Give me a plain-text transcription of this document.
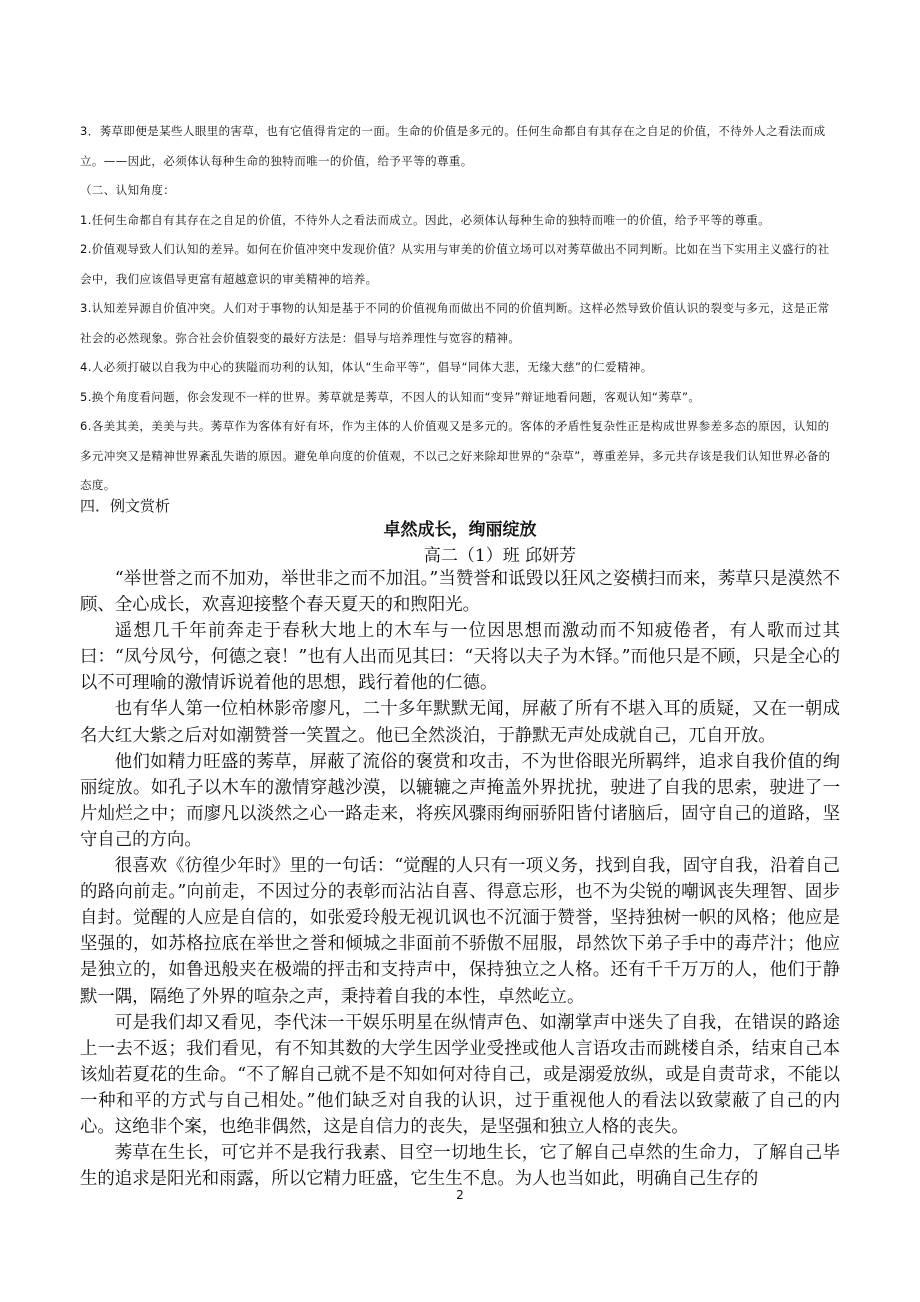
3．莠草即便是某些人眼里的害草，也有它值得肯定的一面。生命的价值是多元的。任何生命都自有其存在之自足的价值，不待外人之看法而成立。——因此，必须体认每种生命的独特而唯一的价值，给予平等的尊重。

（二、认知角度：

1.任何生命都自有其存在之自足的价值，不待外人之看法而成立。因此，必须体认每种生命的独特而唯一的价值，给予平等的尊重。

2.价值观导致人们认知的差异。如何在价值冲突中发现价值？从实用与审美的价值立场可以对莠草做出不同判断。比如在当下实用主义盛行的社会中，我们应该倡导更富有超越意识的审美精神的培养。

3.认知差异源自价值冲突。人们对于事物的认知是基于不同的价值视角而做出不同的价值判断。这样必然导致价值认识的裂变与多元，这是正常社会的必然现象。弥合社会价值裂变的最好方法是：倡导与培养理性与宽容的精神。

4.人必须打破以自我为中心的狭隘而功利的认知，体认“生命平等”，倡导“同体大悲，无缘大慈”的仁爱精神。

5.换个角度看问题，你会发现不一样的世界。莠草就是莠草，不因人的认知而“变异”辩证地看问题，客观认知“莠草”。

6.各美其美，美美与共。莠草作为客体有好有坏，作为主体的人价值观又是多元的。客体的矛盾性复杂性正是构成世界参差多态的原因，认知的多元冲突又是精神世界紊乱失谐的原因。避免单向度的价值观，不以己之好来除却世界的“杂草”，尊重差异，多元共存该是我们认知世界必备的态度。

四．例文赏析
卓然成长，绚丽绽放
高二（1）班 邱妍芳

“举世誉之而不加劝，举世非之而不加沮。”当赞誉和诋毁以狂风之姿横扫而来，莠草只是漠然不顾、全心成长，欢喜迎接整个春天夏天的和煦阳光。

遥想几千年前奔走于春秋大地上的木车与一位因思想而激动而不知疲倦者，有人歌而过其曰：“凤兮凤兮，何德之衰！”也有人出而见其曰：“天将以夫子为木铎。”而他只是不顾，只是全心的以不可理喻的激情诉说着他的思想，践行着他的仁德。

也有华人第一位柏林影帝廖凡，二十多年默默无闻，屏蔽了所有不堪入耳的质疑，又在一朝成名大红大紫之后对如潮赞誉一笑置之。他已全然淡泊，于静默无声处成就自己，兀自开放。

他们如精力旺盛的莠草，屏蔽了流俗的褒赏和攻击，不为世俗眼光所羁绊，追求自我价值的绚丽绽放。如孔子以木车的激情穿越沙漠，以辘辘之声掩盖外界扰扰，驶进了自我的思索，驶进了一片灿烂之中；而廖凡以淡然之心一路走来，将疾风骤雨绚丽骄阳皆付诸脑后，固守自己的道路，坚守自己的方向。

很喜欢《彷徨少年时》里的一句话：“觉醒的人只有一项义务，找到自我，固守自我，沿着自己的路向前走。”向前走，不因过分的表彰而沾沾自喜、得意忘形，也不为尖锐的嘲讽丧失理智、固步自封。觉醒的人应是自信的，如张爱玲般无视讥讽也不沉湎于赞誉，坚持独树一帜的风格；他应是坚强的，如苏格拉底在举世之誉和倾城之非面前不骄傲不屈服，昂然饮下弟子手中的毒芹汁；他应是独立的，如鲁迅般夹在极端的抨击和支持声中，保持独立之人格。还有千千万万的人，他们于静默一隅，隔绝了外界的喧杂之声，秉持着自我的本性，卓然屹立。

可是我们却又看见，李代沫一干娱乐明星在纵情声色、如潮掌声中迷失了自我，在错误的路途上一去不返；我们看见，有不知其数的大学生因学业受挫或他人言语攻击而跳楼自杀，结束自己本该灿若夏花的生命。“不了解自己就不是不知如何对待自己，或是溺爱放纵，或是自责苛求，不能以一种和平的方式与自己相处。”他们缺乏对自我的认识，过于重视他人的看法以致蒙蔽了自己的内心。这绝非个案，也绝非偶然，这是自信力的丧失，是坚强和独立人格的丧失。

莠草在生长，可它并不是我行我素、目空一切地生长，它了解自己卓然的生命力，了解自己毕生的追求是阳光和雨露，所以它精力旺盛，它生生不息。为人也当如此，明确自己生存的

2
